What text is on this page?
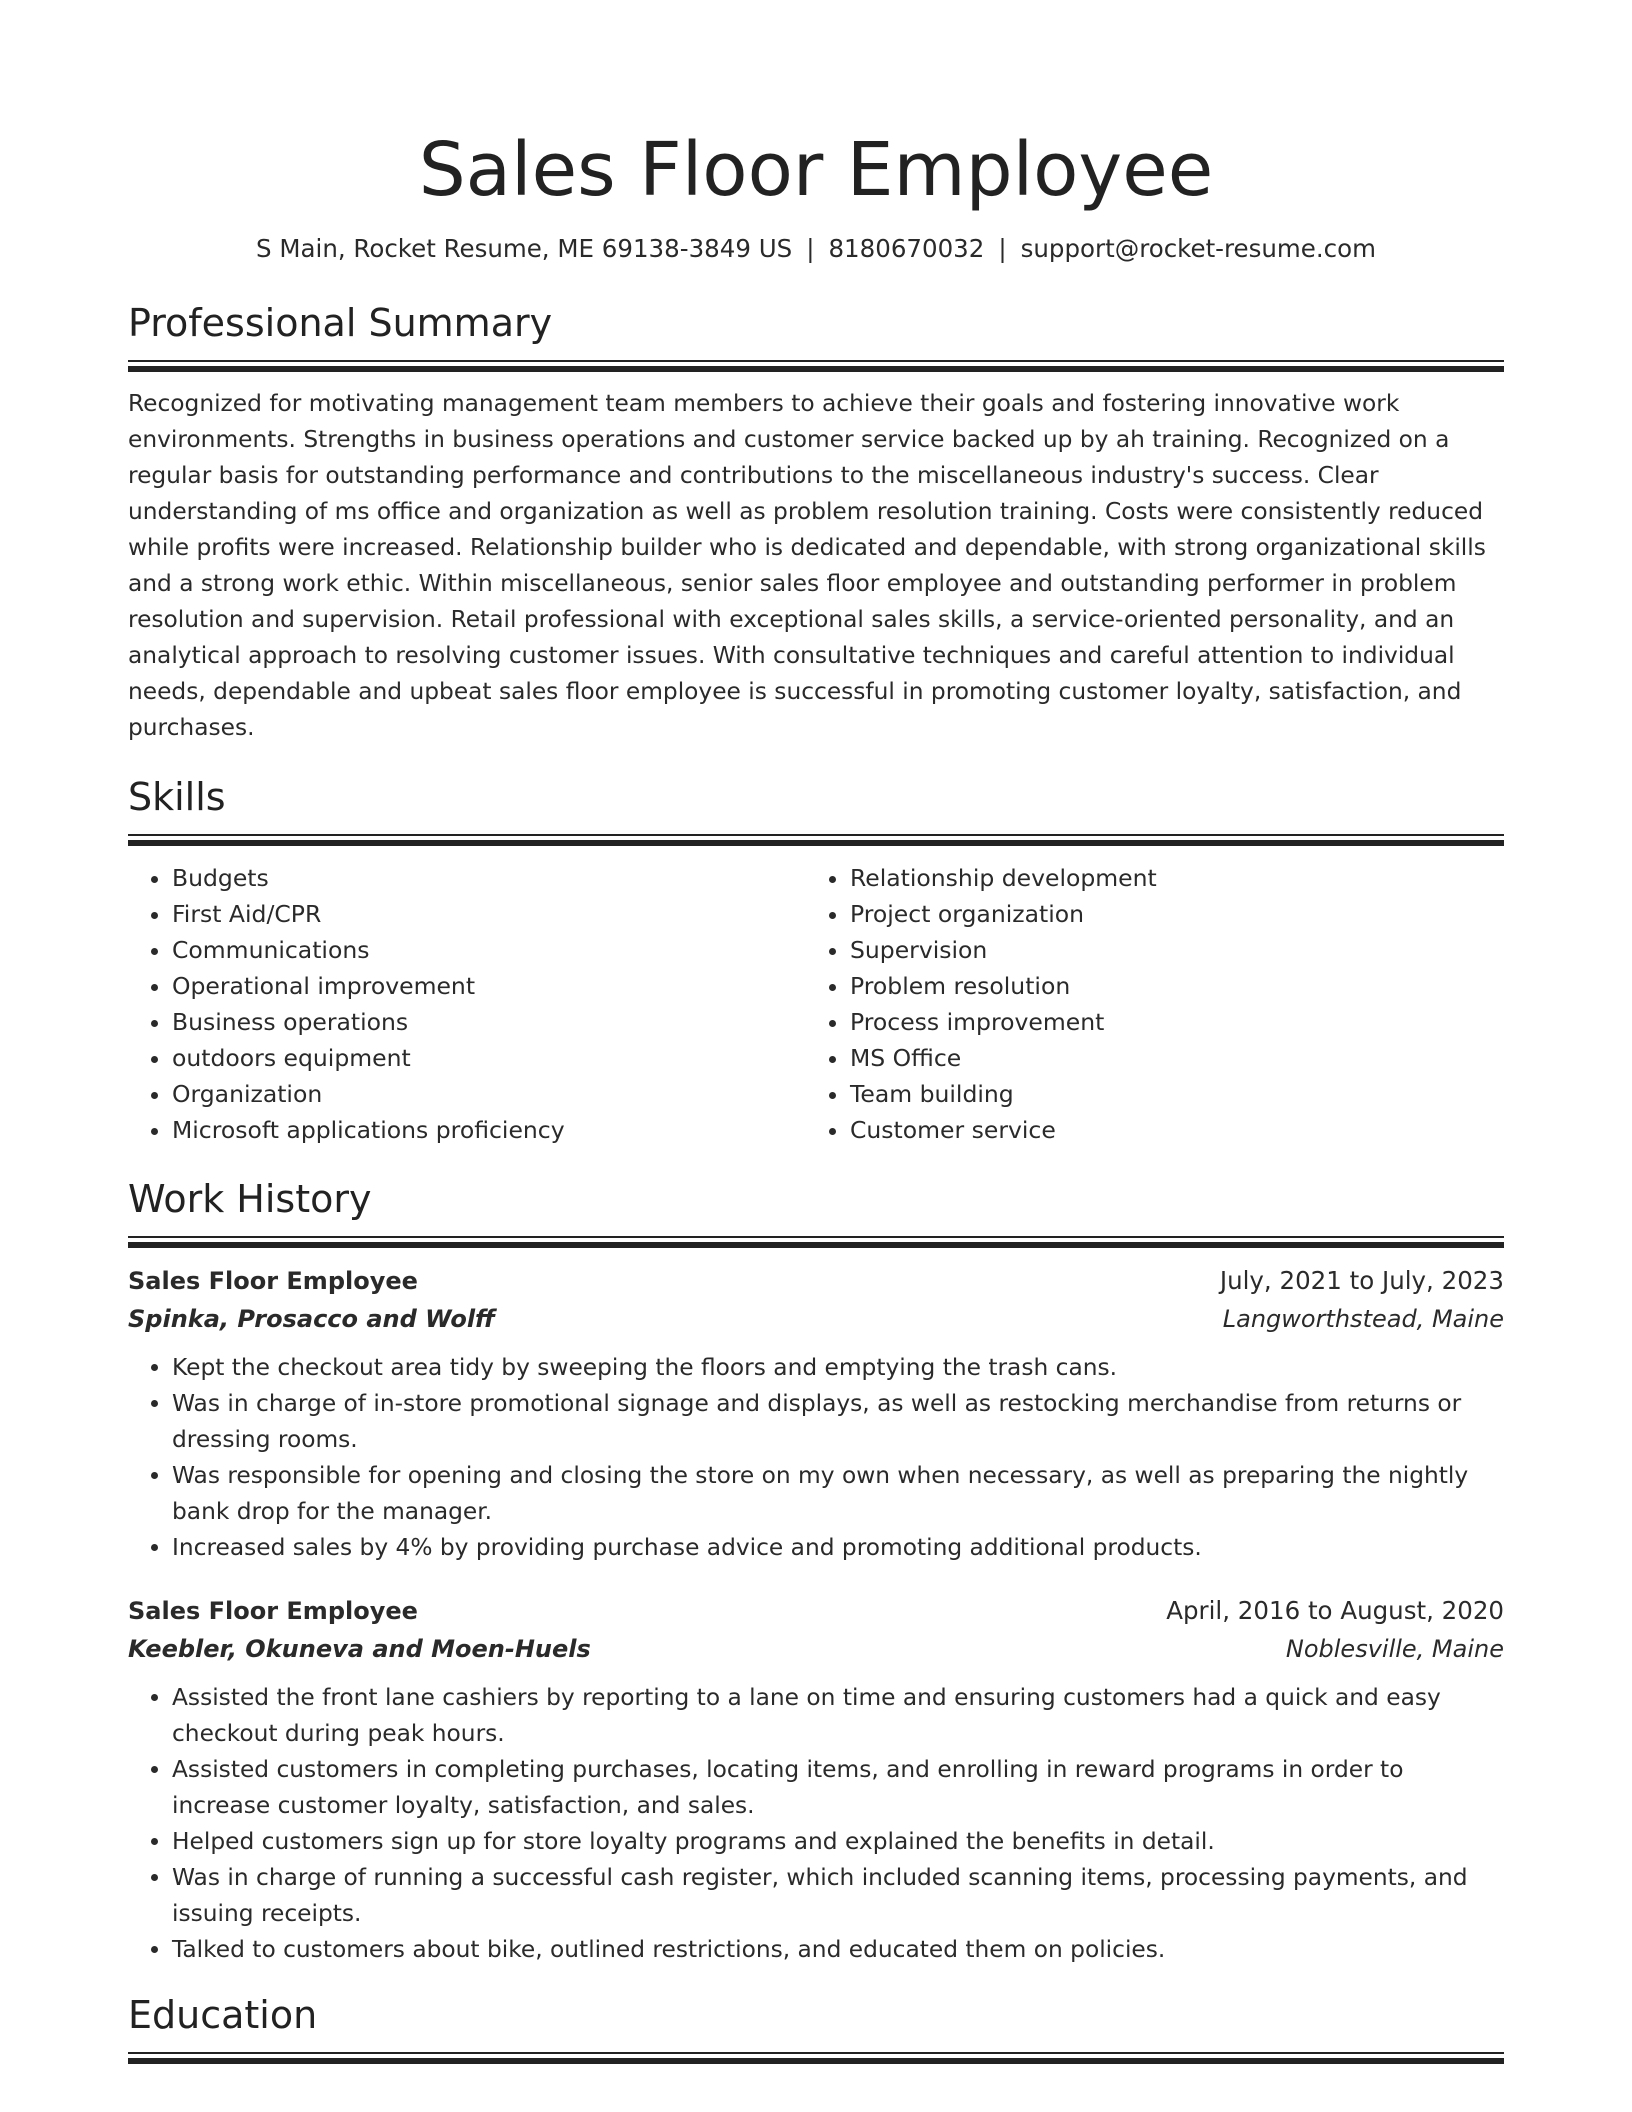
Sales Floor Employee
S Main, Rocket Resume, ME 69138-3849 US | 8180670032 | support@rocket-resume.com
Professional Summary

Recognized for motivating management team members to achieve their goals and fostering innovative work environments. Strengths in business operations and customer service backed up by ah training. Recognized on a regular basis for outstanding performance and contributions to the miscellaneous industry's success. Clear understanding of ms office and organization as well as problem resolution training. Costs were consistently reduced while profits were increased. Relationship builder who is dedicated and dependable, with strong organizational skills and a strong work ethic. Within miscellaneous, senior sales floor employee and outstanding performer in problem resolution and supervision. Retail professional with exceptional sales skills, a service-oriented personality, and an analytical approach to resolving customer issues. With consultative techniques and careful attention to individual needs, dependable and upbeat sales floor employee is successful in promoting customer loyalty, satisfaction, and purchases.

Skills
• Budgets
• First Aid/CPR
• Communications
• Operational improvement
• Business operations
• outdoors equipment
• Organization
• Microsoft applications proficiency
• Relationship development
• Project organization
• Supervision
• Problem resolution
• Process improvement
• MS Office
• Team building
• Customer service
Work History
Sales Floor Employee	July, 2021 to July, 2023
Spinka, Prosacco and Wolff	Langworthstead, Maine
• Kept the checkout area tidy by sweeping the floors and emptying the trash cans.
• Was in charge of in-store promotional signage and displays, as well as restocking merchandise from returns or dressing rooms.
• Was responsible for opening and closing the store on my own when necessary, as well as preparing the nightly bank drop for the manager.
• Increased sales by 4% by providing purchase advice and promoting additional products.
Sales Floor Employee	April, 2016 to August, 2020
Keebler, Okuneva and Moen-Huels	Noblesville, Maine
• Assisted the front lane cashiers by reporting to a lane on time and ensuring customers had a quick and easy checkout during peak hours.
• Assisted customers in completing purchases, locating items, and enrolling in reward programs in order to increase customer loyalty, satisfaction, and sales.
• Helped customers sign up for store loyalty programs and explained the benefits in detail.
• Was in charge of running a successful cash register, which included scanning items, processing payments, and issuing receipts.
• Talked to customers about bike, outlined restrictions, and educated them on policies.
Education
